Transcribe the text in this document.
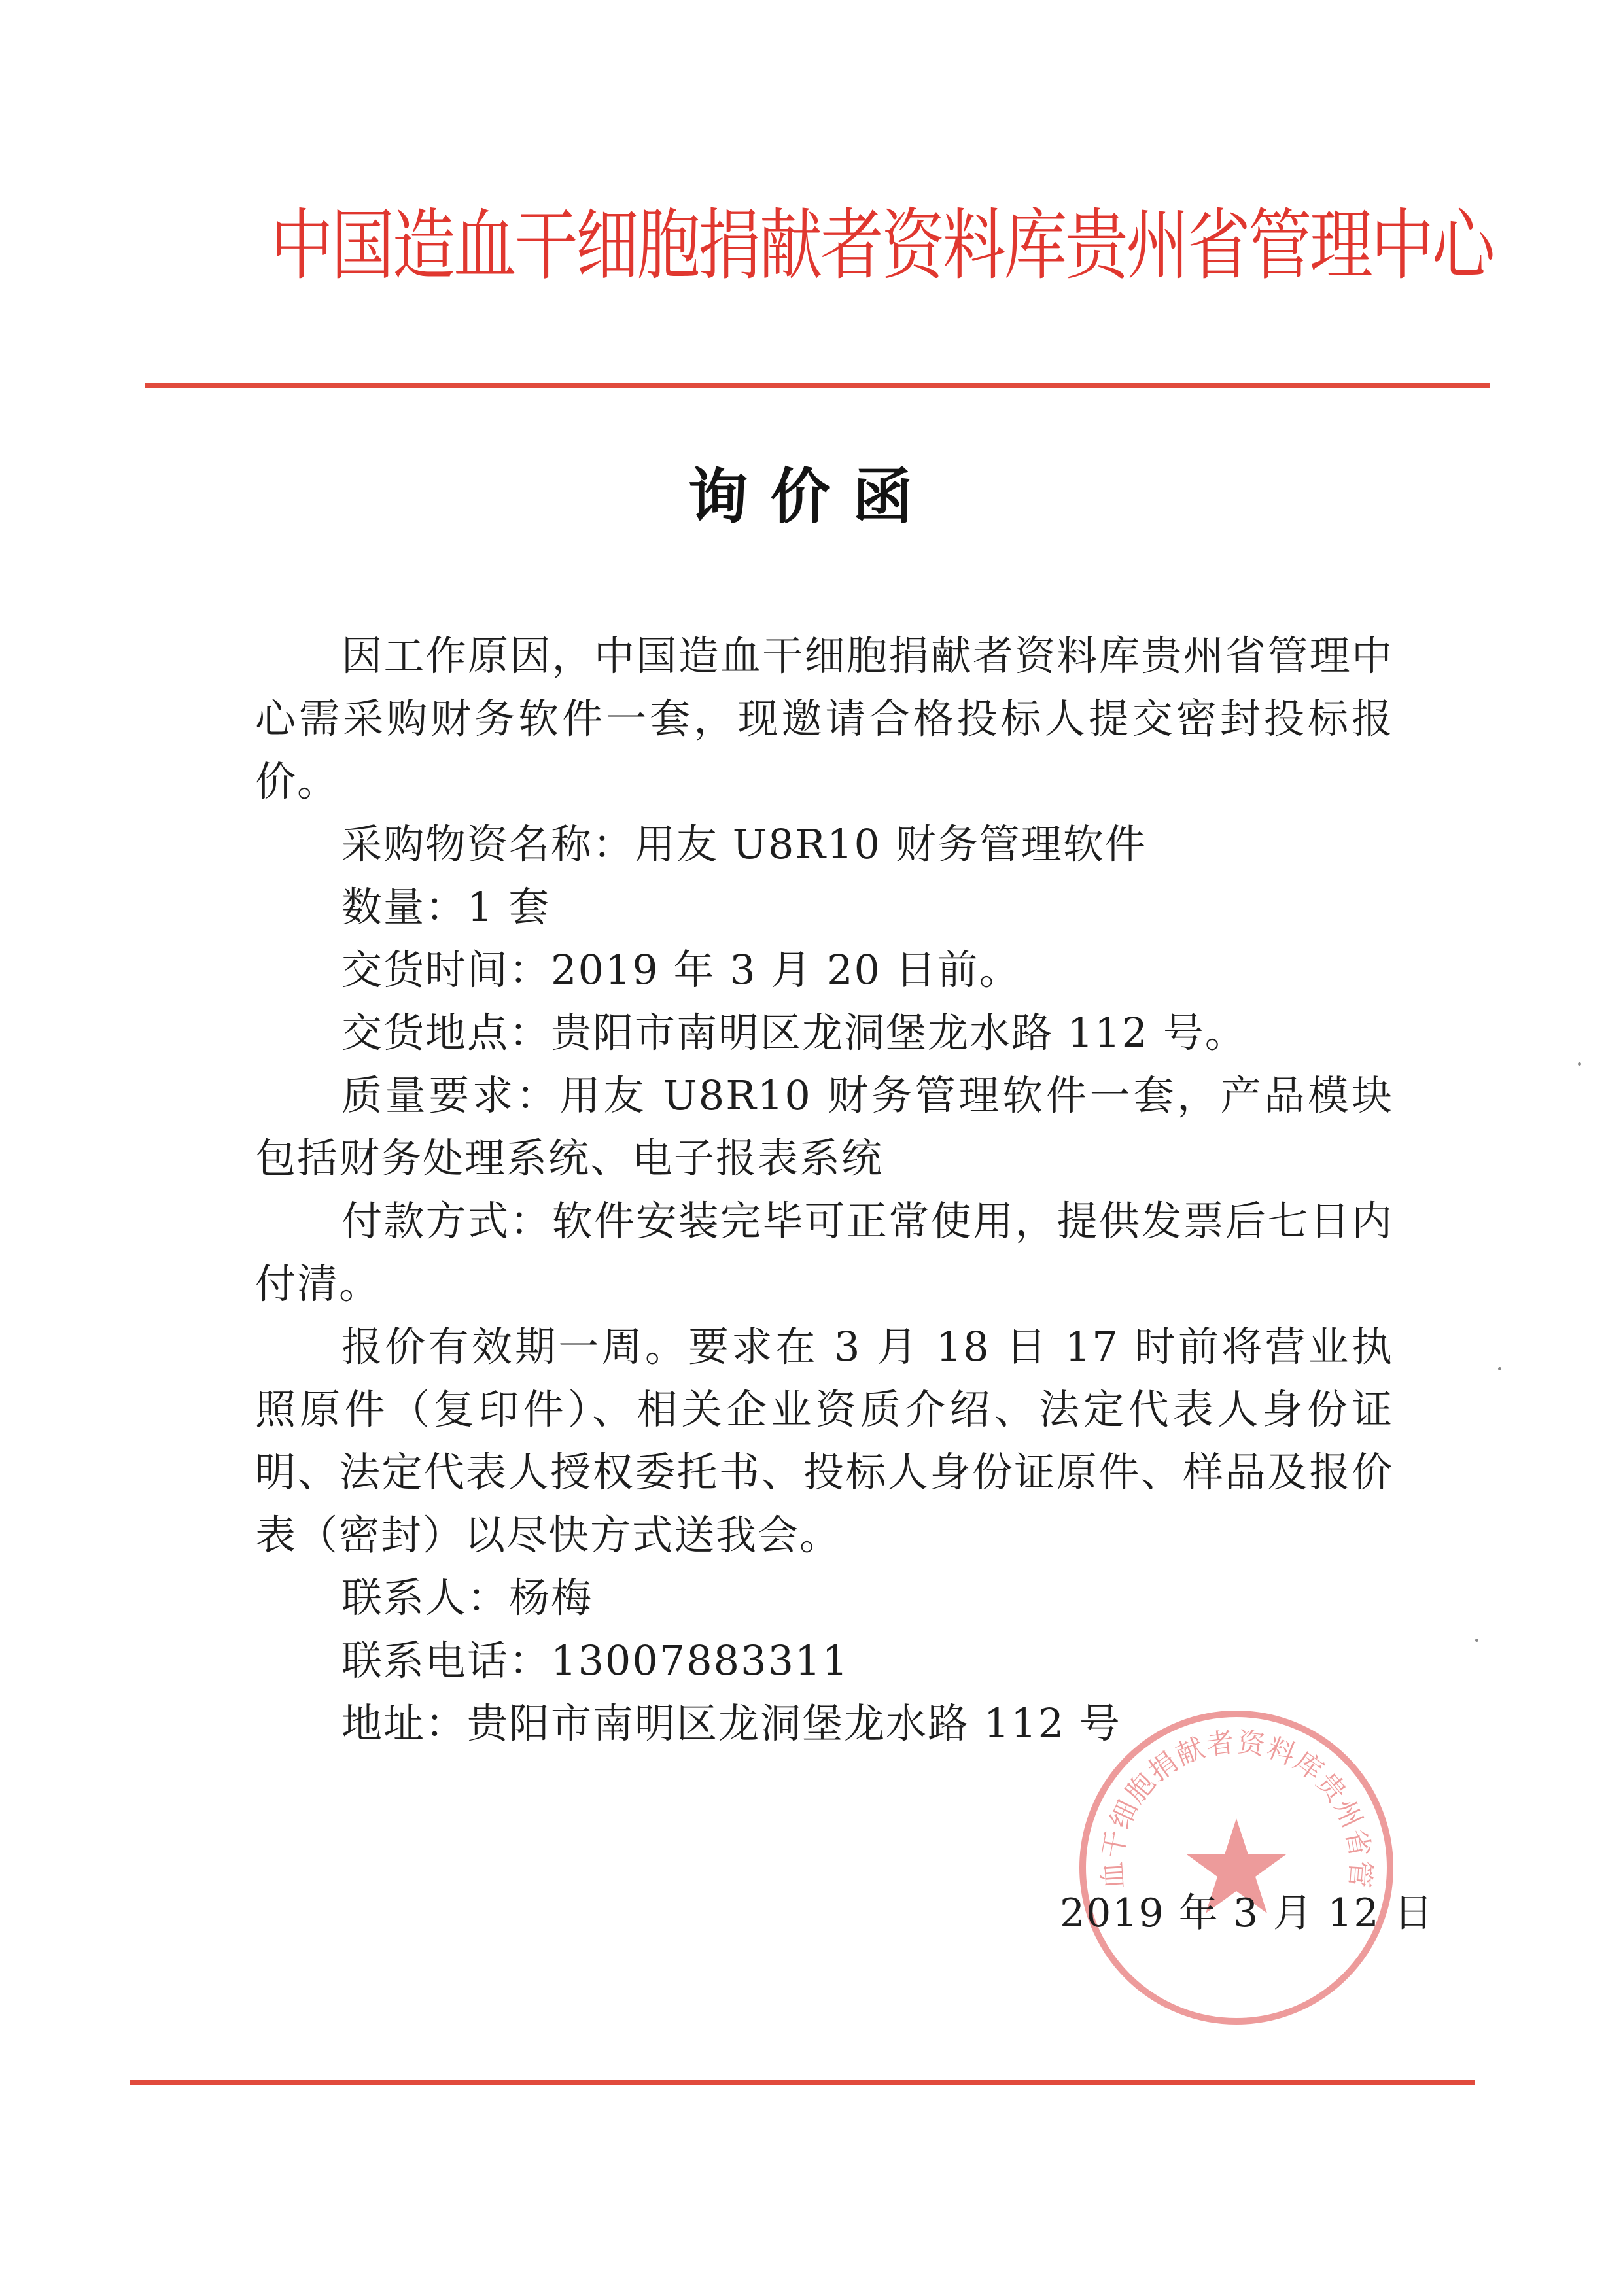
中国造血干细胞捐献者资料库贵州省管理中心
询价函

因工作原因，中国造血干细胞捐献者资料库贵州省管理中心需采购财务软件一套，现邀请合格投标人提交密封投标报价。

采购物资名称：用友 U8R10 财务管理软件

数量：1 套

交货时间：2019 年 3 月 20 日前。

交货地点：贵阳市南明区龙洞堡龙水路 112 号。

质量要求：用友 U8R10 财务管理软件一套，产品模块包括财务处理系统、电子报表系统

付款方式：软件安装完毕可正常使用，提供发票后七日内付清。

报价有效期一周。要求在 3 月 18 日 17 时前将营业执照原件（复印件）、相关企业资质介绍、法定代表人身份证明、法定代表人授权委托书、投标人身份证原件、样品及报价表（密封）以尽快方式送我会。

联系人：杨梅

联系电话：13007883311

地址：贵阳市南明区龙洞堡龙水路 112 号

血干细胞捐献者资料库贵州省管
2019 年 3 月 12 日
